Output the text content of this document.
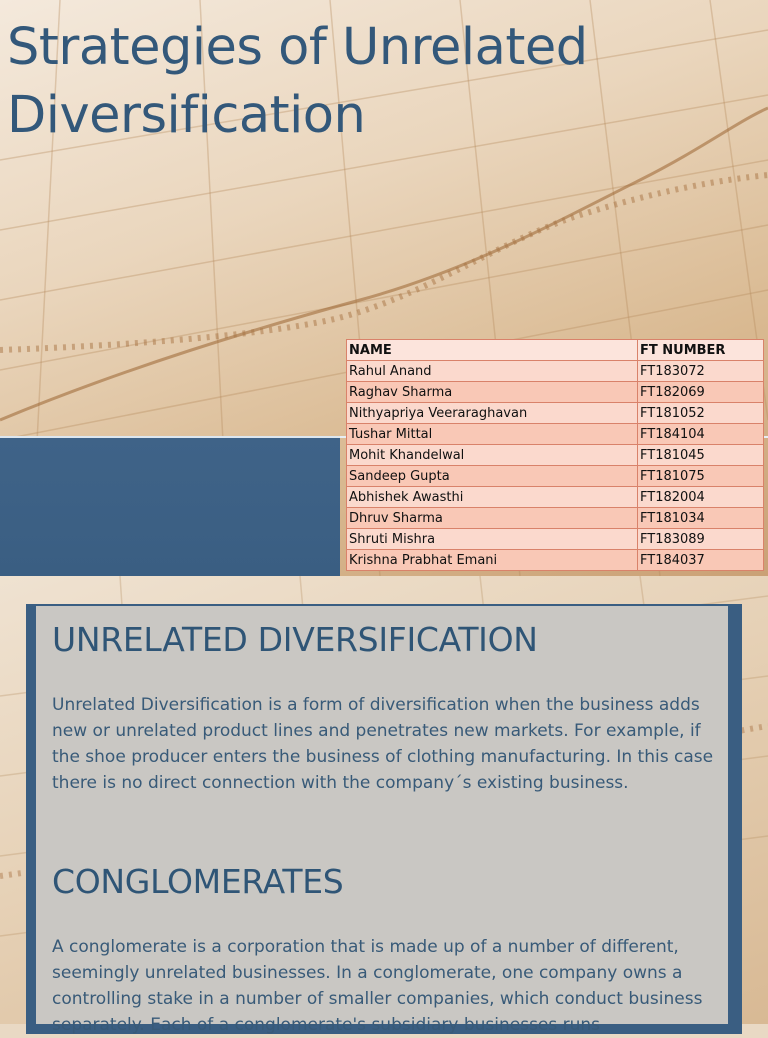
Strategies of Unrelated
Diversification
NAME	FT NUMBER
Rahul Anand	FT183072
Raghav Sharma	FT182069
Nithyapriya Veeraraghavan	FT181052
Tushar Mittal	FT184104
Mohit Khandelwal	FT181045
Sandeep Gupta	FT181075
Abhishek Awasthi	FT182004
Dhruv Sharma	FT181034
Shruti Mishra	FT183089
Krishna Prabhat Emani	FT184037
UNRELATED DIVERSIFICATION

Unrelated Diversification is a form of diversification when the business adds new or unrelated product lines and penetrates new markets. For example, if the shoe producer enters the business of clothing manufacturing. In this case there is no direct connection with the company´s existing business.

CONGLOMERATES

A conglomerate is a corporation that is made up of a number of different, seemingly unrelated businesses. In a conglomerate, one company owns a controlling stake in a number of smaller companies, which conduct business separately. Each of a conglomerate's subsidiary businesses runs
